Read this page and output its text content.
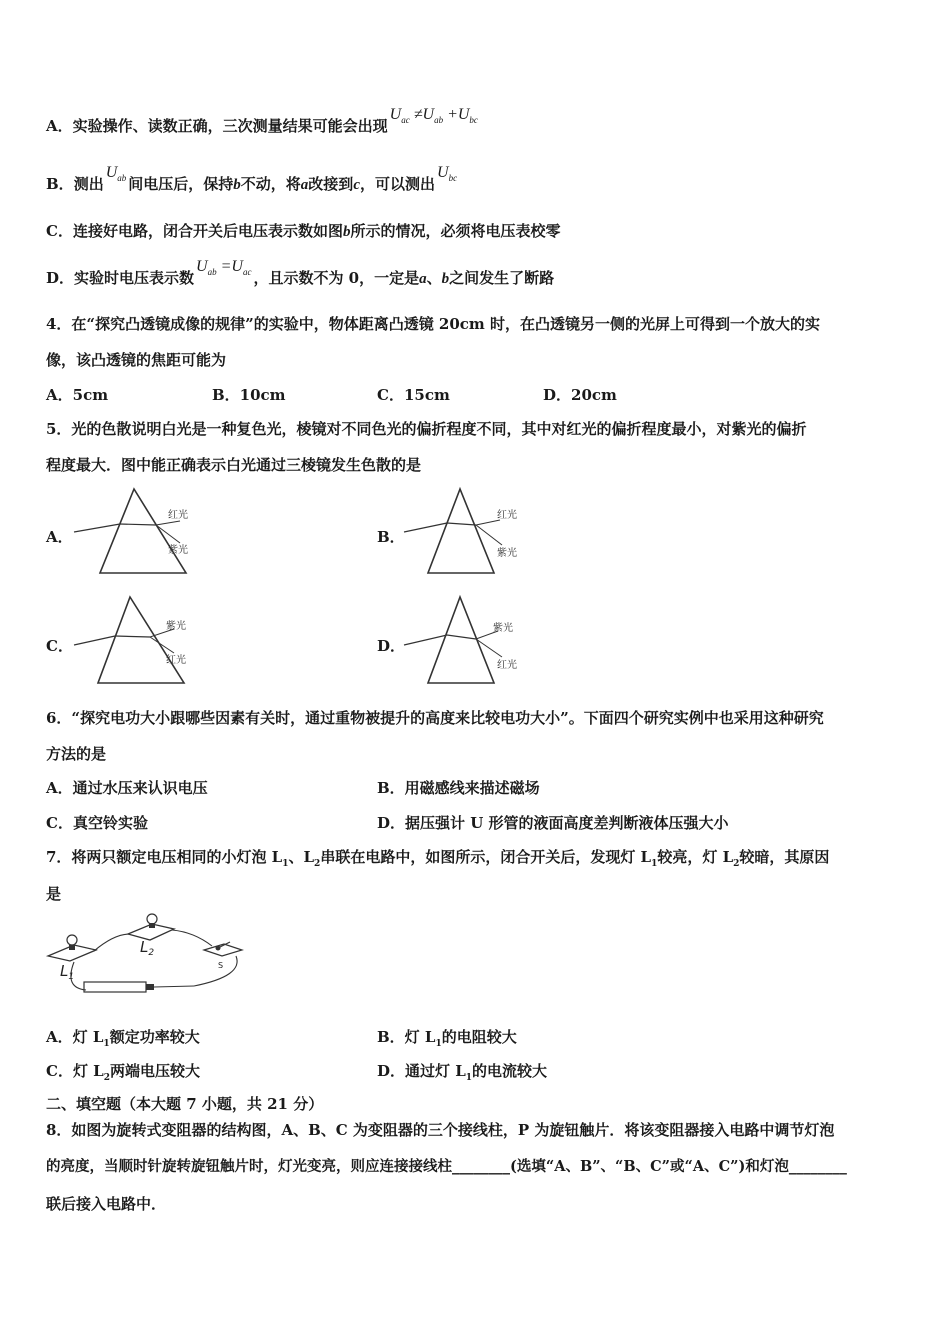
A．实验操作、读数正确，三次测量结果可能会出现$U_{ac} \ne U_{ab} +U_{bc}$
B．测出$U_{ab}$ 间电压后，保持b不动，将a改接到c，可以测出$U_{bc}$
C．连接好电路，闭合开关后电压表示数如图b所示的情况，必须将电压表校零
D．实验时电压表示数$U_{ab} =U_{ac}$ ，且示数不为 0，一定是a、b之间发生了断路
4．在“探究凸透镜成像的规律”的实验中，物体距离凸透镜 20cm 时，在凸透镜另一侧的光屏上可得到一个放大的实
像，该凸透镜的焦距可能为
A．5cm	B．10cm	C．15cm	D．20cm
5．光的色散说明白光是一种复色光，棱镜对不同色光的偏折程度不同，其中对红光的偏折程度最小，对紫光的偏折
程度最大．图中能正确表示白光通过三棱镜发生色散的是
A．
红光
紫光
B．
红光
紫光
C．
紫光
红光
D．
紫光
红光
6．“探究电功大小跟哪些因素有关时，通过重物被提升的高度来比较电功大小”。下面四个研究实例中也采用这种研究
方法的是
A．通过水压来认识电压	B．用磁感线来描述磁场
C．真空铃实验	D．据压强计 U 形管的液面高度差判断液体压强大小
7．将两只额定电压相同的小灯泡 $L_1$、$L_2$串联在电路中，如图所示，闭合开关后，发现灯 $L_1$较亮，灯 $L_2$较暗，其原因
是
$L_1$
$L_2$
S
A．灯 $L_1$额定功率较大	B．灯 $L_1$的电阻较大
C．灯 $L_2$两端电压较大	D．通过灯 $L_1$的电流较大
二、填空题（本大题 7 小题，共 21 分）
8．如图为旋转式变阻器的结构图，A、B、C 为变阻器的三个接线柱，P 为旋钮触片．将该变阻器接入电路中调节灯泡
的亮度，当顺时针旋转旋钮触片时，灯光变亮，则应连接接线柱________(选填“A、B”、“B、C”或“A、C”)和灯泡________
联后接入电路中．
